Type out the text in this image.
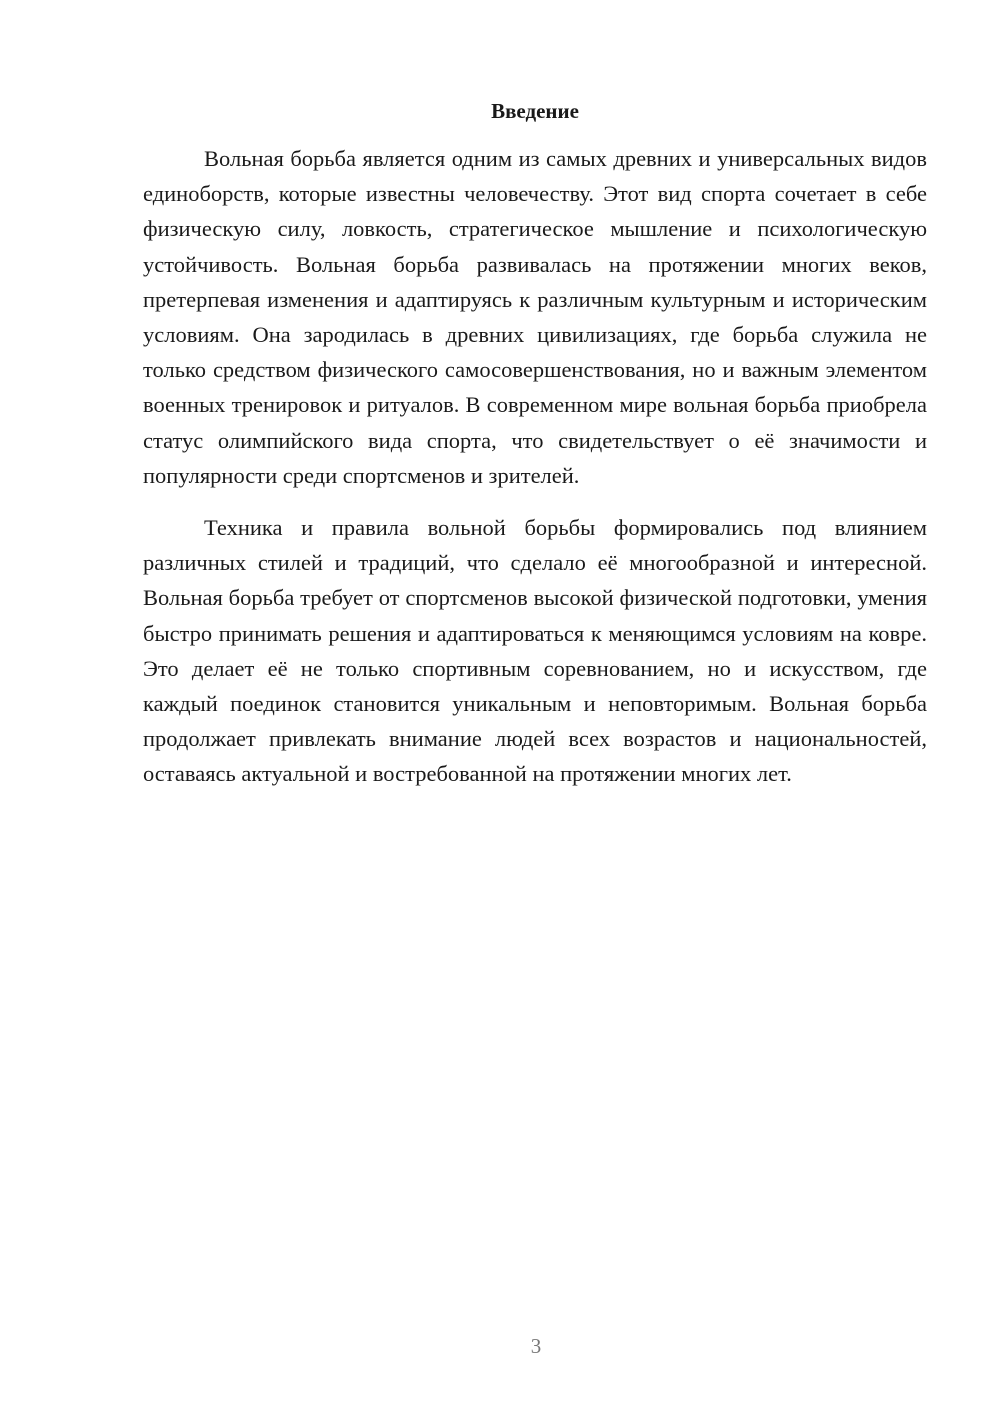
Введение

Вольная борьба является одним из самых древних и универсальных видов единоборств, которые известны человечеству. Этот вид спорта сочетает в себе физическую силу, ловкость, стратегическое мышление и психологическую устойчивость. Вольная борьба развивалась на протяжении многих веков, претерпевая изменения и адаптируясь к различным культурным и историческим условиям. Она зародилась в древних цивилизациях, где борьба служила не только средством физического самосовершенствования, но и важным элементом военных тренировок и ритуалов. В современном мире вольная борьба приобрела статус олимпийского вида спорта, что свидетельствует о её значимости и популярности среди спортсменов и зрителей.

Техника и правила вольной борьбы формировались под влиянием различных стилей и традиций, что сделало её многообразной и интересной. Вольная борьба требует от спортсменов высокой физической подготовки, умения быстро принимать решения и адаптироваться к меняющимся условиям на ковре. Это делает её не только спортивным соревнованием, но и искусством, где каждый поединок становится уникальным и неповторимым. Вольная борьба продолжает привлекать внимание людей всех возрастов и национальностей, оставаясь актуальной и востребованной на протяжении многих лет.

3
